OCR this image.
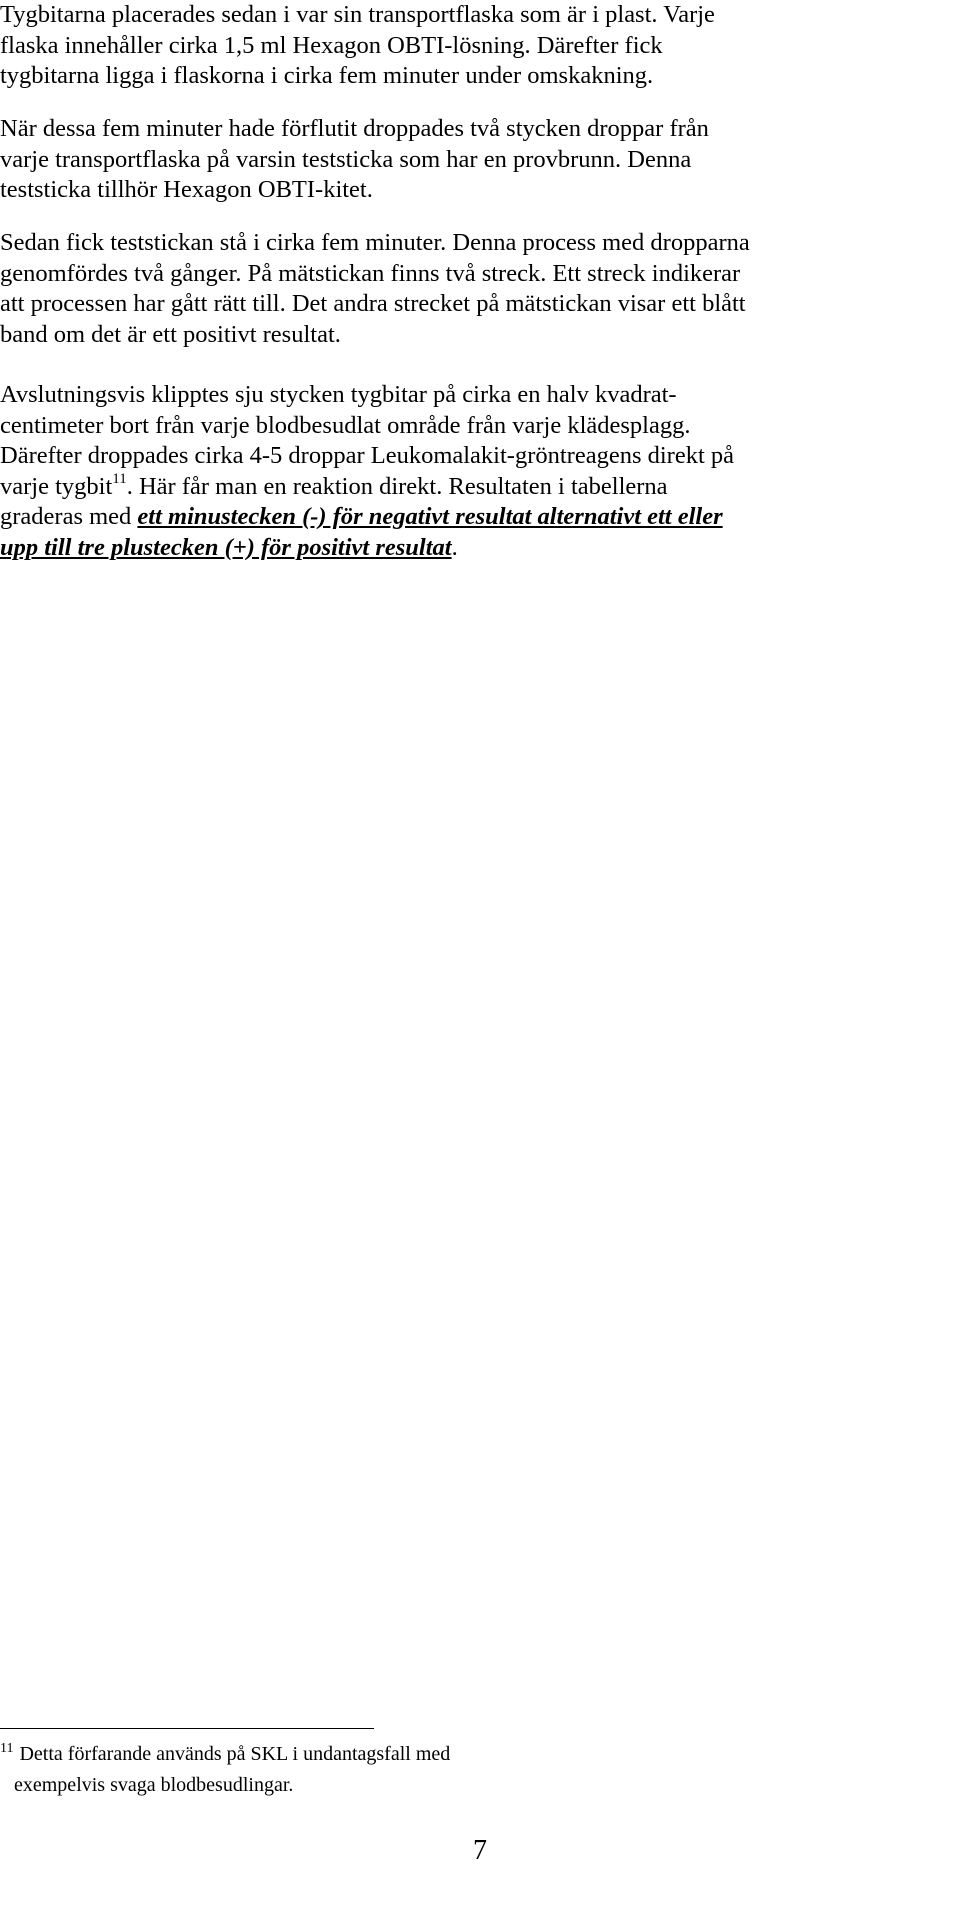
Tygbitarna placerades sedan i var sin transportflaska som är i plast. Varje
flaska innehåller cirka 1,5 ml Hexagon OBTI-lösning. Därefter fick
tygbitarna ligga i flaskorna i cirka fem minuter under omskakning.

När dessa fem minuter hade förflutit droppades två stycken droppar från
varje transportflaska på varsin teststicka som har en provbrunn. Denna
teststicka tillhör Hexagon OBTI-kitet.

Sedan fick teststickan stå i cirka fem minuter. Denna process med dropparna
genomfördes två gånger. På mätstickan finns två streck. Ett streck indikerar
att processen har gått rätt till. Det andra strecket på mätstickan visar ett blått
band om det är ett positivt resultat.

Avslutningsvis klipptes sju stycken tygbitar på cirka en halv kvadrat-
centimeter bort från varje blodbesudlat område från varje klädesplagg.
Därefter droppades cirka 4-5 droppar Leukomalakit-gröntreagens direkt på
varje tygbit$^{11}$. Här får man en reaktion direkt. Resultaten i tabellerna
graderas med ett minustecken (-) för negativt resultat alternativt ett eller
upp till tre plustecken (+) för positivt resultat.

$^{11}$ Detta förfarande används på SKL i undantagsfall med
exempelvis svaga blodbesudlingar.
7
